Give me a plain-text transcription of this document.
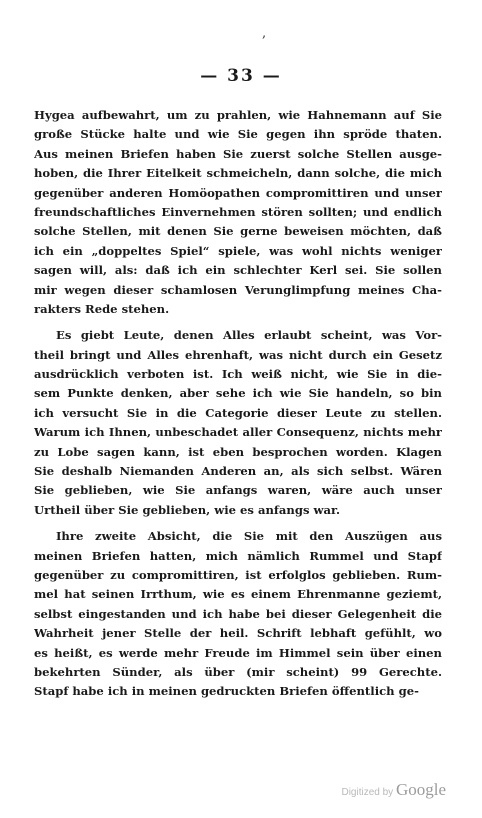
,
— 33 —
Hygea aufbewahrt, um zu prahlen, wie Hahnemann auf Sie
große Stücke halte und wie Sie gegen ihn spröde thaten.
Aus meinen Briefen haben Sie zuerst solche Stellen ausge-
hoben, die Ihrer Eitelkeit schmeicheln, dann solche, die mich
gegenüber anderen Homöopathen compromittiren und unser
freundschaftliches Einvernehmen stören sollten; und endlich
solche Stellen, mit denen Sie gerne beweisen möchten, daß
ich ein „doppeltes Spiel“ spiele, was wohl nichts weniger
sagen will, als: daß ich ein schlechter Kerl sei. Sie sollen
mir wegen dieser schamlosen Verunglimpfung meines Cha-
rakters Rede stehen.
Es giebt Leute, denen Alles erlaubt scheint, was Vor-
theil bringt und Alles ehrenhaft, was nicht durch ein Gesetz
ausdrücklich verboten ist. Ich weiß nicht, wie Sie in die-
sem Punkte denken, aber sehe ich wie Sie handeln, so bin
ich versucht Sie in die Categorie dieser Leute zu stellen.
Warum ich Ihnen, unbeschadet aller Consequenz, nichts mehr
zu Lobe sagen kann, ist eben besprochen worden. Klagen
Sie deshalb Niemanden Anderen an, als sich selbst. Wären
Sie geblieben, wie Sie anfangs waren, wäre auch unser
Urtheil über Sie geblieben, wie es anfangs war.
Ihre zweite Absicht, die Sie mit den Auszügen aus
meinen Briefen hatten, mich nämlich Rummel und Stapf
gegenüber zu compromittiren, ist erfolglos geblieben. Rum-
mel hat seinen Irrthum, wie es einem Ehrenmanne geziemt,
selbst eingestanden und ich habe bei dieser Gelegenheit die
Wahrheit jener Stelle der heil. Schrift lebhaft gefühlt, wo
es heißt, es werde mehr Freude im Himmel sein über einen
bekehrten Sünder, als über (mir scheint) 99 Gerechte.
Stapf habe ich in meinen gedruckten Briefen öffentlich ge-
Digitized by Google
